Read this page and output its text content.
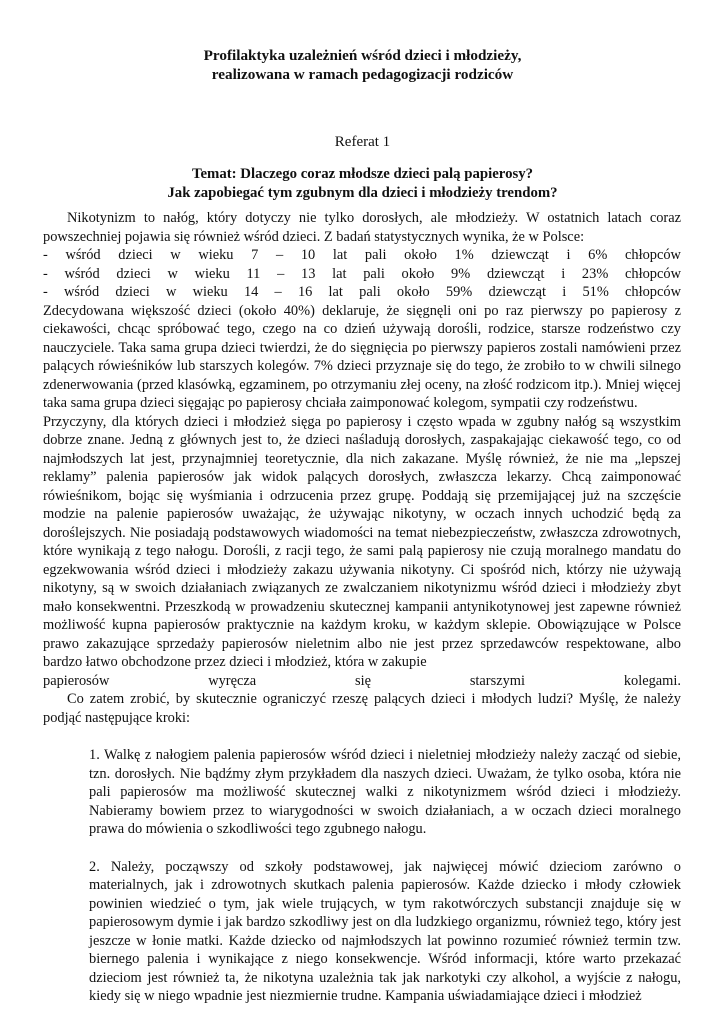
Profilaktyka uzależnień wśród dzieci i młodzieży,
realizowana w ramach pedagogizacji rodziców
Referat 1
Temat: Dlaczego coraz młodsze dzieci palą papierosy?
Jak zapobiegać tym zgubnym dla dzieci i młodzieży trendom?

Nikotynizm to nałóg, który dotyczy nie tylko dorosłych, ale młodzieży. W ostatnich latach coraz powszechniej pojawia się również wśród dzieci. Z badań statystycznych wynika, że w Polsce:

- wśród dzieci w wieku 7 – 10 lat pali około 1% dziewcząt i 6% chłopców
- wśród dzieci w wieku 11 – 13 lat pali około 9% dziewcząt i 23% chłopców
- wśród dzieci w wieku 14 – 16 lat pali około 59% dziewcząt i 51% chłopców

Zdecydowana większość dzieci (około 40%) deklaruje, że sięgnęli oni po raz pierwszy po papierosy z ciekawości, chcąc spróbować tego, czego na co dzień używają dorośli, rodzice, starsze rodzeństwo czy nauczyciele. Taka sama grupa dzieci twierdzi, że do sięgnięcia po pierwszy papieros zostali namówieni przez palących rówieśników lub starszych kolegów. 7% dzieci przyznaje się do tego, że zrobiło to w chwili silnego zdenerwowania (przed klasówką, egzaminem, po otrzymaniu złej oceny, na złość rodzicom itp.). Mniej więcej taka sama grupa dzieci sięgając po papierosy chciała zaimponować kolegom, sympatii czy rodzeństwu.

Przyczyny, dla których dzieci i młodzież sięga po papierosy i często wpada w zgubny nałóg są wszystkim dobrze znane. Jedną z głównych jest to, że dzieci naśladują dorosłych, zaspakajając ciekawość tego, co od najmłodszych lat jest, przynajmniej teoretycznie, dla nich zakazane. Myślę również, że nie ma „lepszej reklamy” palenia papierosów jak widok palących dorosłych, zwłaszcza lekarzy. Chcą zaimponować rówieśnikom, bojąc się wyśmiania i odrzucenia przez grupę. Poddają się przemijającej już na szczęście modzie na palenie papierosów uważając, że używając nikotyny, w oczach innych uchodzić będą za doroślejszych. Nie posiadają podstawowych wiadomości na temat niebezpieczeństw, zwłaszcza zdrowotnych, które wynikają z tego nałogu. Dorośli, z racji tego, że sami palą papierosy nie czują moralnego mandatu do egzekwowania wśród dzieci i młodzieży zakazu używania nikotyny. Ci spośród nich, którzy nie używają nikotyny, są w swoich działaniach związanych ze zwalczaniem nikotynizmu wśród dzieci i młodzieży zbyt mało konsekwentni. Przeszkodą w prowadzeniu skutecznej kampanii antynikotynowej jest zapewne również możliwość kupna papierosów praktycznie na każdym kroku, w każdym sklepie. Obowiązujące w Polsce prawo zakazujące sprzedaży papierosów nieletnim albo nie jest przez sprzedawców respektowane, albo bardzo łatwo obchodzone przez dzieci i młodzież, która w zakupie

papierosów	wyręcza	się	starszymi	kolegami.

Co zatem zrobić, by skutecznie ograniczyć rzeszę palących dzieci i młodych ludzi? Myślę, że należy podjąć następujące kroki:

1. Walkę z nałogiem palenia papierosów wśród dzieci i nieletniej młodzieży należy zacząć od siebie, tzn. dorosłych. Nie bądźmy złym przykładem dla naszych dzieci. Uważam, że tylko osoba, która nie pali papierosów ma możliwość skutecznej walki z nikotynizmem wśród dzieci i młodzieży. Nabieramy bowiem przez to wiarygodności w swoich działaniach, a w oczach dzieci moralnego prawa do mówienia o szkodliwości tego zgubnego nałogu.

2. Należy, począwszy od szkoły podstawowej, jak najwięcej mówić dzieciom zarówno o materialnych, jak i zdrowotnych skutkach palenia papierosów. Każde dziecko i młody człowiek powinien wiedzieć o tym, jak wiele trujących, w tym rakotwórczych substancji znajduje się w papierosowym dymie i jak bardzo szkodliwy jest on dla ludzkiego organizmu, również tego, który jest jeszcze w łonie matki. Każde dziecko od najmłodszych lat powinno rozumieć również termin tzw. biernego palenia i wynikające z niego konsekwencje. Wśród informacji, które warto przekazać dzieciom jest również ta, że nikotyna uzależnia tak jak narkotyki czy alkohol, a wyjście z nałogu, kiedy się w niego wpadnie jest niezmiernie trudne. Kampania uświadamiające dzieci i młodzież
